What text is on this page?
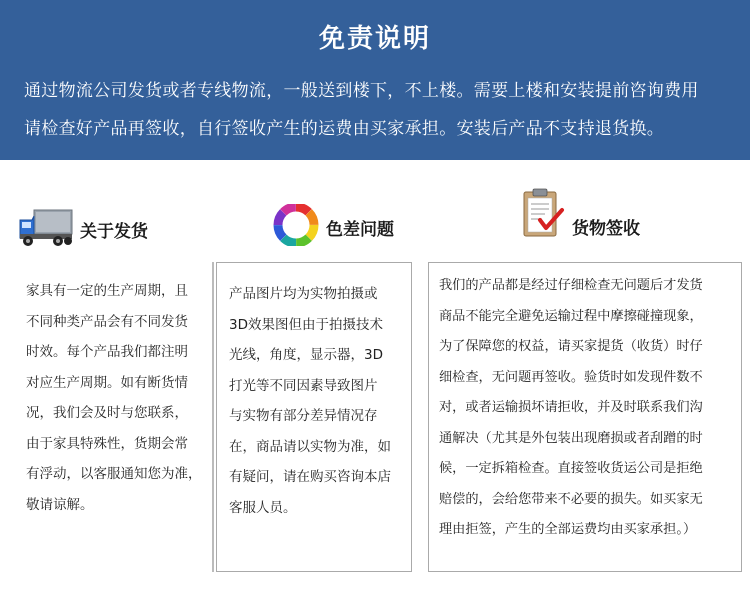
免责说明
通过物流公司发货或者专线物流，一般送到楼下，不上楼。需要上楼和安装提前咨询费用
请检查好产品再签收，自行签收产生的运费由买家承担。安装后产品不支持退货换。
关于发货	色差问题	货物签收
家具有一定的生产周期，且
不同种类产品会有不同发货
时效。每个产品我们都注明
对应生产周期。如有断货情
况，我们会及时与您联系，
由于家具特殊性，货期会常
有浮动，以客服通知您为准，
敬请谅解。
产品图片均为实物拍摄或
3D效果图但由于拍摄技术
光线，角度，显示器，3D
打光等不同因素导致图片
与实物有部分差异情况存
在，商品请以实物为准，如
有疑问，请在购买咨询本店
客服人员。
我们的产品都是经过仔细检查无问题后才发货
商品不能完全避免运输过程中摩擦碰撞现象，
为了保障您的权益，请买家提货（收货）时仔
细检查，无问题再签收。验货时如发现件数不
对，或者运输损坏请拒收，并及时联系我们沟
通解决（尤其是外包装出现磨损或者刮蹭的时
候，一定拆箱检查。直接签收货运公司是拒绝
赔偿的，会给您带来不必要的损失。如买家无
理由拒签，产生的全部运费均由买家承担。）
